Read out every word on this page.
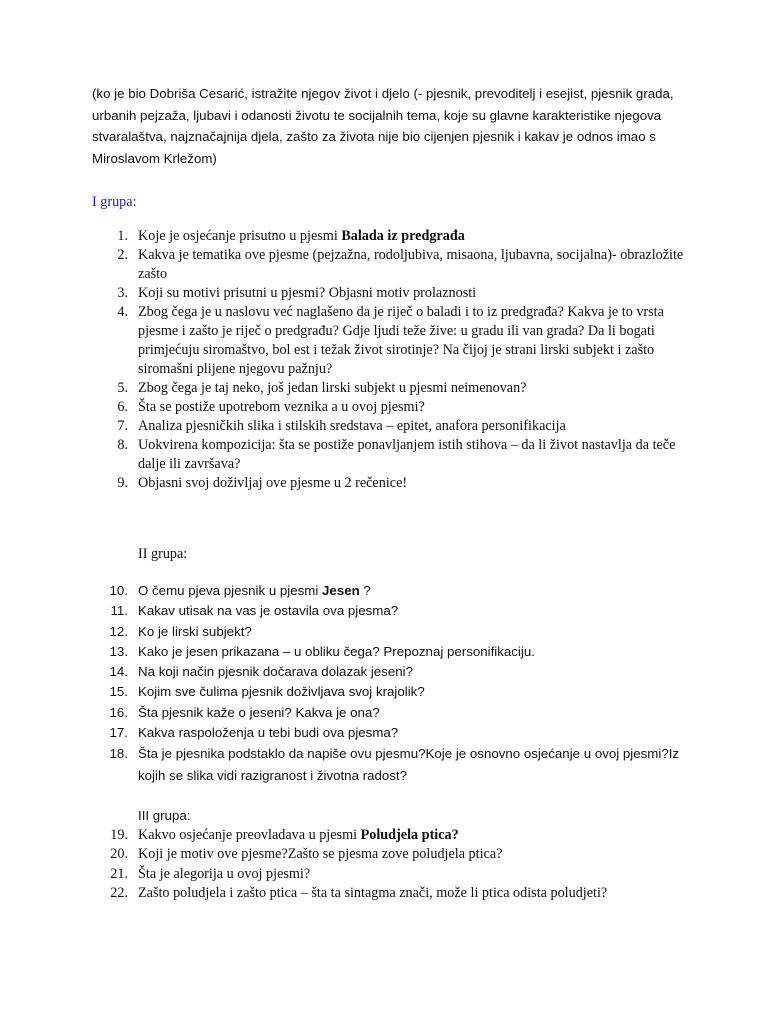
(ko je bio Dobriša Cesarić, istražite njegov život i djelo (- pjesnik, prevoditelj i esejist, pjesnik grada, urbanih pejzaža, ljubavi i odanosti životu te socijalnih tema, koje su glavne karakteristike njegova stvaralaštva, najznačajnija djela, zašto za života nije bio cijenjen pjesnik i kakav je odnos imao s Miroslavom Krležom)

I grupa:

1. Koje je osjećanje prisutno u pjesmi Balada iz predgrađa
2. Kakva je tematika ove pjesme (pejzažna, rodoljubiva, misaona, ljubavna, socijalna)- obrazložite zašto
3. Koji su motivi prisutni u pjesmi? Objasni motiv prolaznosti
4. Zbog čega je u naslovu već naglašeno da je riječ o baladi i to iz predgrađa? Kakva je to vrsta pjesme i zašto je riječ o predgrađu? Gdje ljudi teže žive: u gradu ili van grada? Da li bogati primjećuju siromaštvo, bol est i težak život sirotinje? Na čijoj je strani lirski subjekt i zašto siromašni plijene njegovu pažnju?
5. Zbog čega je taj neko, još jedan lirski subjekt u pjesmi neimenovan?
6. Šta se postiže upotrebom veznika a u ovoj pjesmi?
7. Analiza pjesničkih slika i stilskih sredstava – epitet, anafora personifikacija
8. Uokvirena kompozicija: šta se postiže ponavljanjem istih stihova – da li život nastavlja da teče dalje ili završava?
9. Objasni svoj doživljaj ove pjesme u 2 rečenice!

II grupa:

10. O čemu pjeva pjesnik u pjesmi Jesen ?
11. Kakav utisak na vas je ostavila ova pjesma?
12. Ko je lirski subjekt?
13. Kako je jesen prikazana – u obliku čega? Prepoznaj personifikaciju.
14. Na koji način pjesnik dočarava dolazak jeseni?
15. Kojim sve čulima pjesnik doživljava svoj krajolik?
16. Šta pjesnik kaže o jeseni? Kakva je ona?
17. Kakva raspoloženja u tebi budi ova pjesma?
18. Šta je pjesnika podstaklo da napiše ovu pjesmu?Koje je osnovno osjećanje u ovoj pjesmi?Iz kojih se slika vidi razigranost i životna radost?

III grupa:

19. Kakvo osjećanje preovladava u pjesmi Poludjela ptica?
20. Koji je motiv ove pjesme?Zašto se pjesma zove poludjela ptica?
21. Šta je alegorija u ovoj pjesmi?
22. Zašto poludjela i zašto ptica – šta ta sintagma znači, može li ptica odista poludjeti?
